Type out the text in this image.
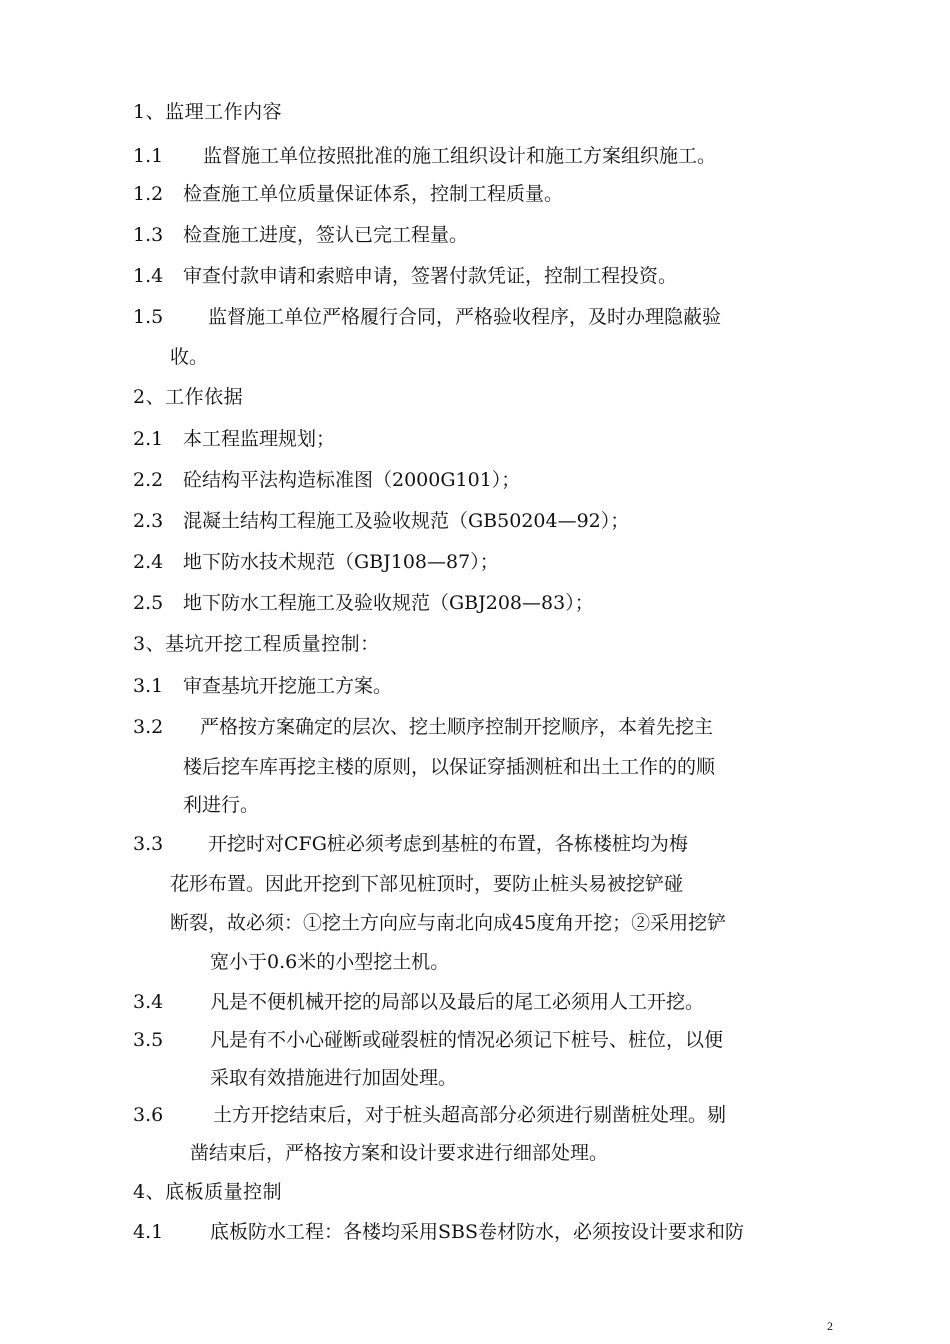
1、监理工作内容
1.1 监督施工单位按照批准的施工组织设计和施工方案组织施工。
1.2 检查施工单位质量保证体系，控制工程质量。
1.3 检查施工进度，签认已完工程量。
1.4 审查付款申请和索赔申请，签署付款凭证，控制工程投资。
1.5 监督施工单位严格履行合同，严格验收程序，及时办理隐蔽验
收。
2、工作依据
2.1 本工程监理规划；
2.2 砼结构平法构造标准图（2000G101）；
2.3 混凝土结构工程施工及验收规范（GB50204—92）；
2.4 地下防水技术规范（GBJ108—87）；
2.5 地下防水工程施工及验收规范（GBJ208—83）；
3、基坑开挖工程质量控制：
3.1 审查基坑开挖施工方案。
3.2 严格按方案确定的层次、挖土顺序控制开挖顺序，本着先挖主
楼后挖车库再挖主楼的原则，以保证穿插测桩和出土工作的的顺
利进行。
3.3 开挖时对CFG桩必须考虑到基桩的布置，各栋楼桩均为梅
花形布置。因此开挖到下部见桩顶时，要防止桩头易被挖铲碰
断裂，故必须：①挖土方向应与南北向成45度角开挖；②采用挖铲
宽小于0.6米的小型挖土机。
3.4 凡是不便机械开挖的局部以及最后的尾工必须用人工开挖。
3.5 凡是有不小心碰断或碰裂桩的情况必须记下桩号、桩位，以便
采取有效措施进行加固处理。
3.6	土方开挖结束后，对于桩头超高部分必须进行剔凿桩处理。剔
凿结束后，严格按方案和设计要求进行细部处理。
4、底板质量控制
4.1 底板防水工程：各楼均采用SBS卷材防水，必须按设计要求和防
2
